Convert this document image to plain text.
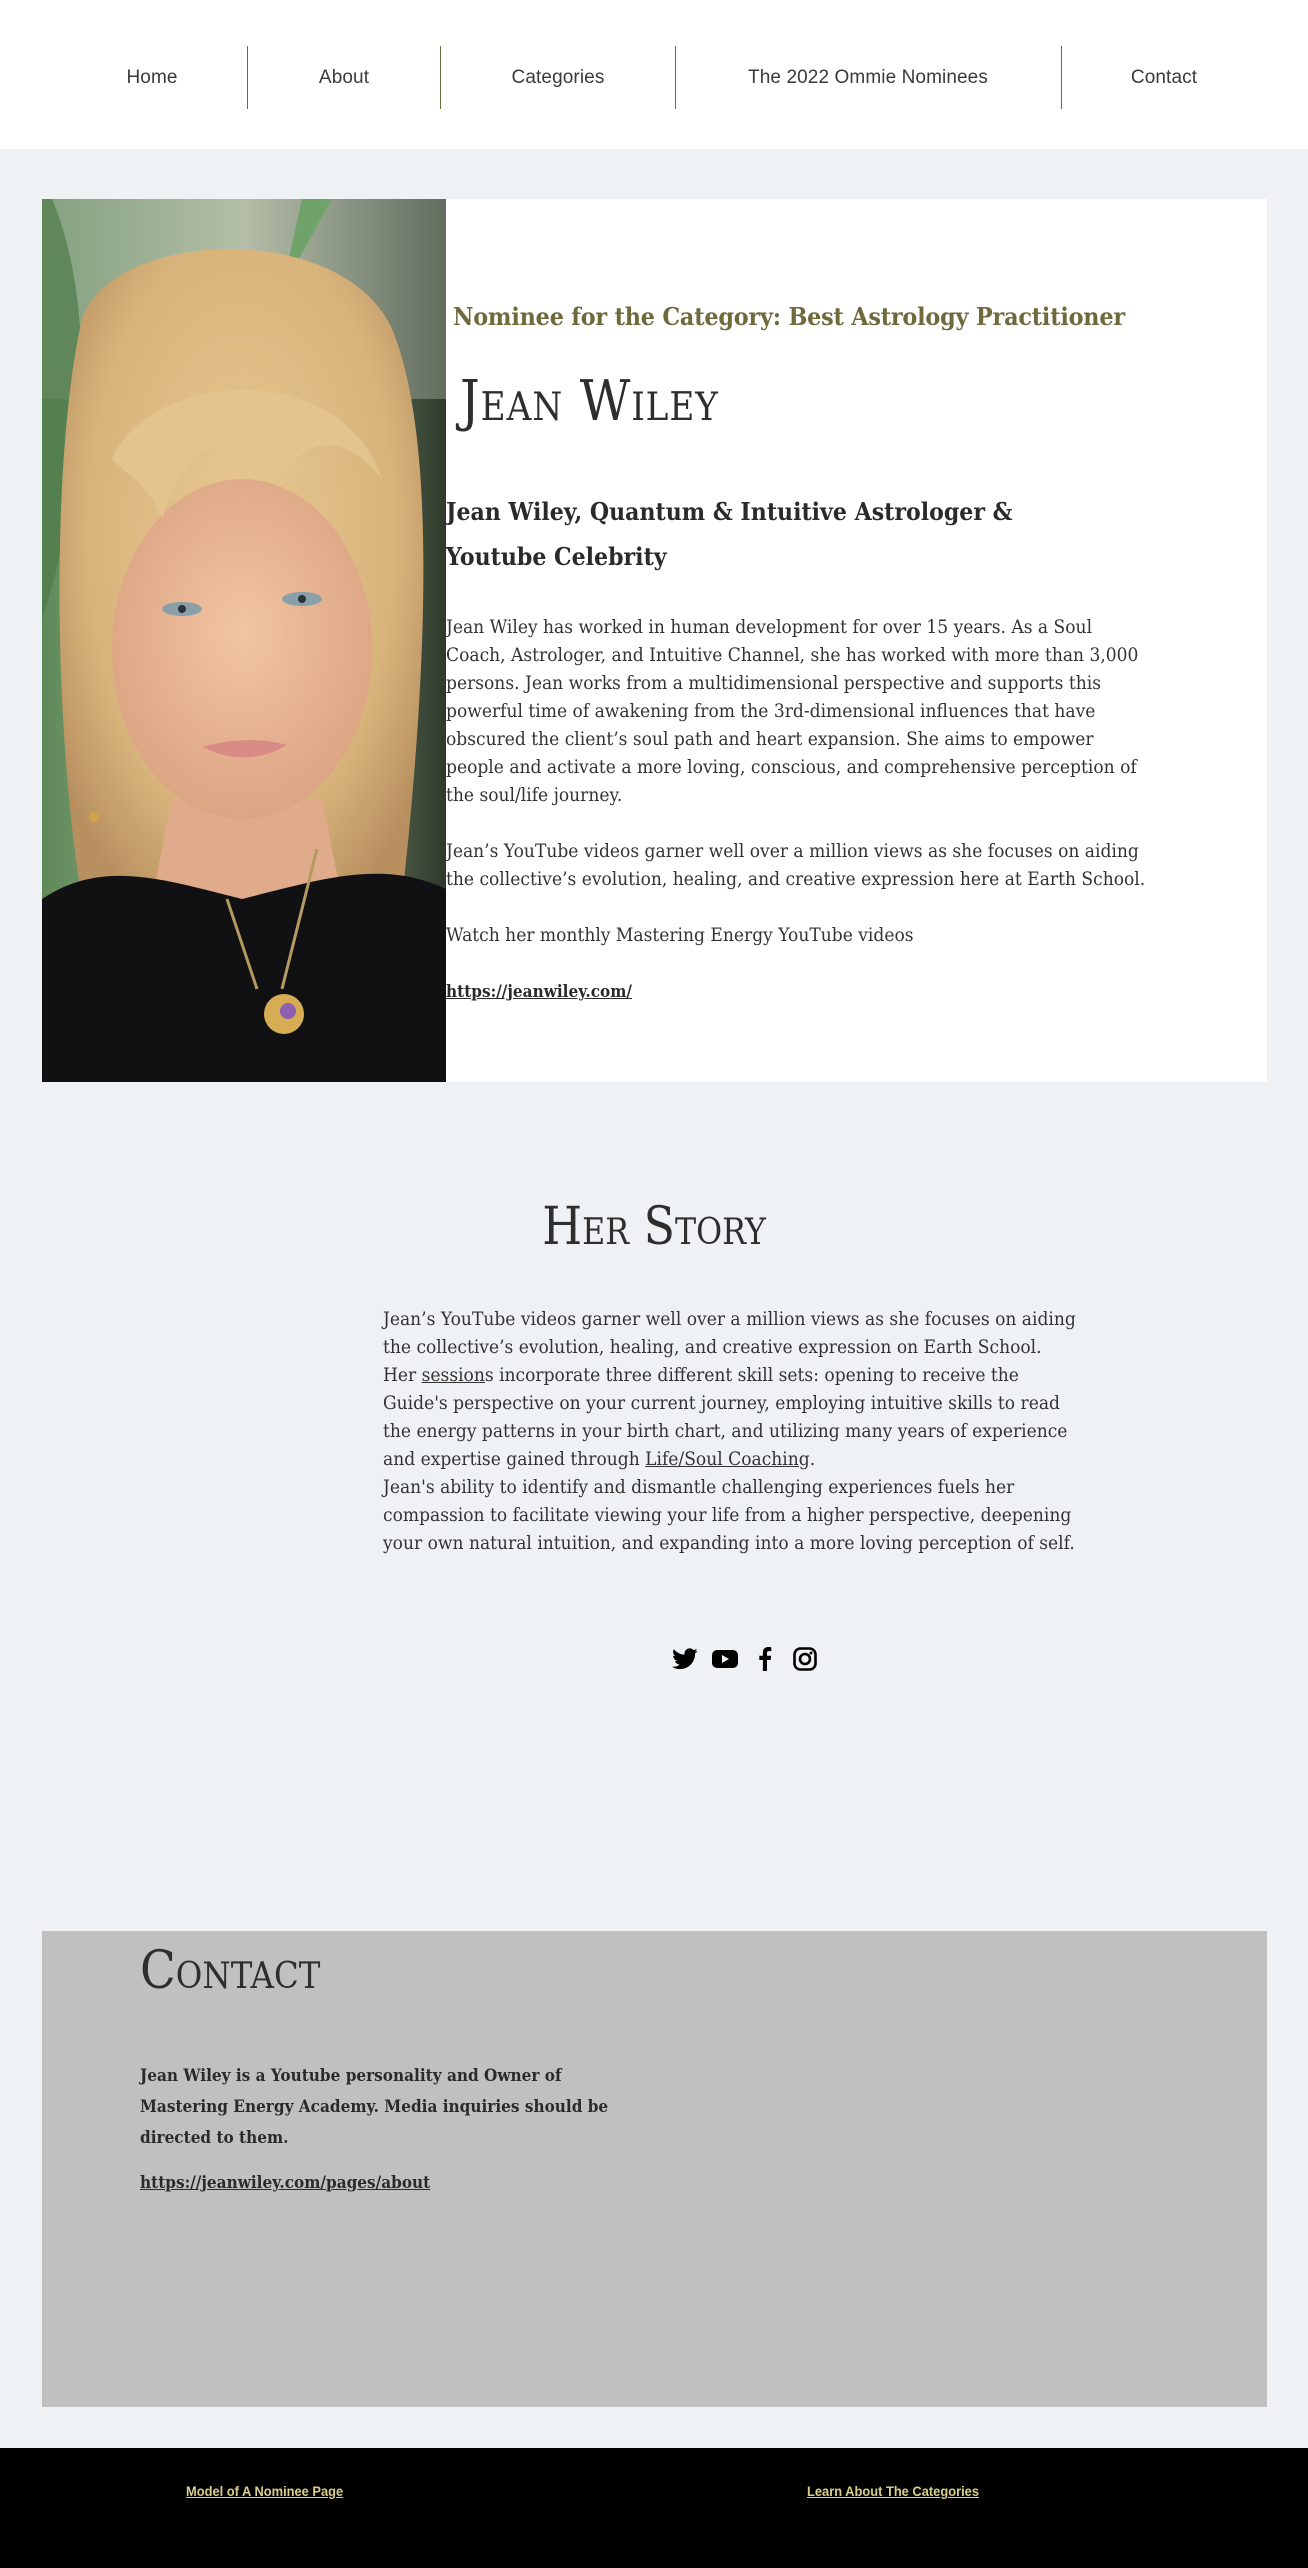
Home	About	Categories	The 2022 Ommie Nominees	Contact
Nominee for the Category: Best Astrology Practitioner
Jean Wiley
Jean Wiley, Quantum & Intuitive Astrologer &
Youtube Celebrity

Jean Wiley has worked in human development for over 15 years. As a Soul Coach, Astrologer, and Intuitive Channel, she has worked with more than 3,000 persons. Jean works from a multidimensional perspective and supports this powerful time of awakening from the 3rd-dimensional influences that have obscured the client’s soul path and heart expansion. She aims to empower people and activate a more loving, conscious, and comprehensive perception of the soul/life journey.

Jean’s YouTube videos garner well over a million views as she focuses on aiding the collective’s evolution, healing, and creative expression here at Earth School.

Watch her monthly Mastering Energy YouTube videos

https://jeanwiley.com/
Her Story
Jean’s YouTube videos garner well over a million views as she focuses on aiding the collective’s evolution, healing, and creative expression on Earth School.
Her sessions incorporate three different skill sets: opening to receive the Guide's perspective on your current journey, employing intuitive skills to read the energy patterns in your birth chart, and utilizing many years of experience and expertise gained through Life/Soul Coaching.
Jean's ability to identify and dismantle challenging experiences fuels her compassion to facilitate viewing your life from a higher perspective, deepening your own natural intuition, and expanding into a more loving perception of self.
Contact

Jean Wiley is a Youtube personality and Owner of Mastering Energy Academy. Media inquiries should be directed to them.

https://jeanwiley.com/pages/about
Model of A Nominee Page	Learn About The Categories
